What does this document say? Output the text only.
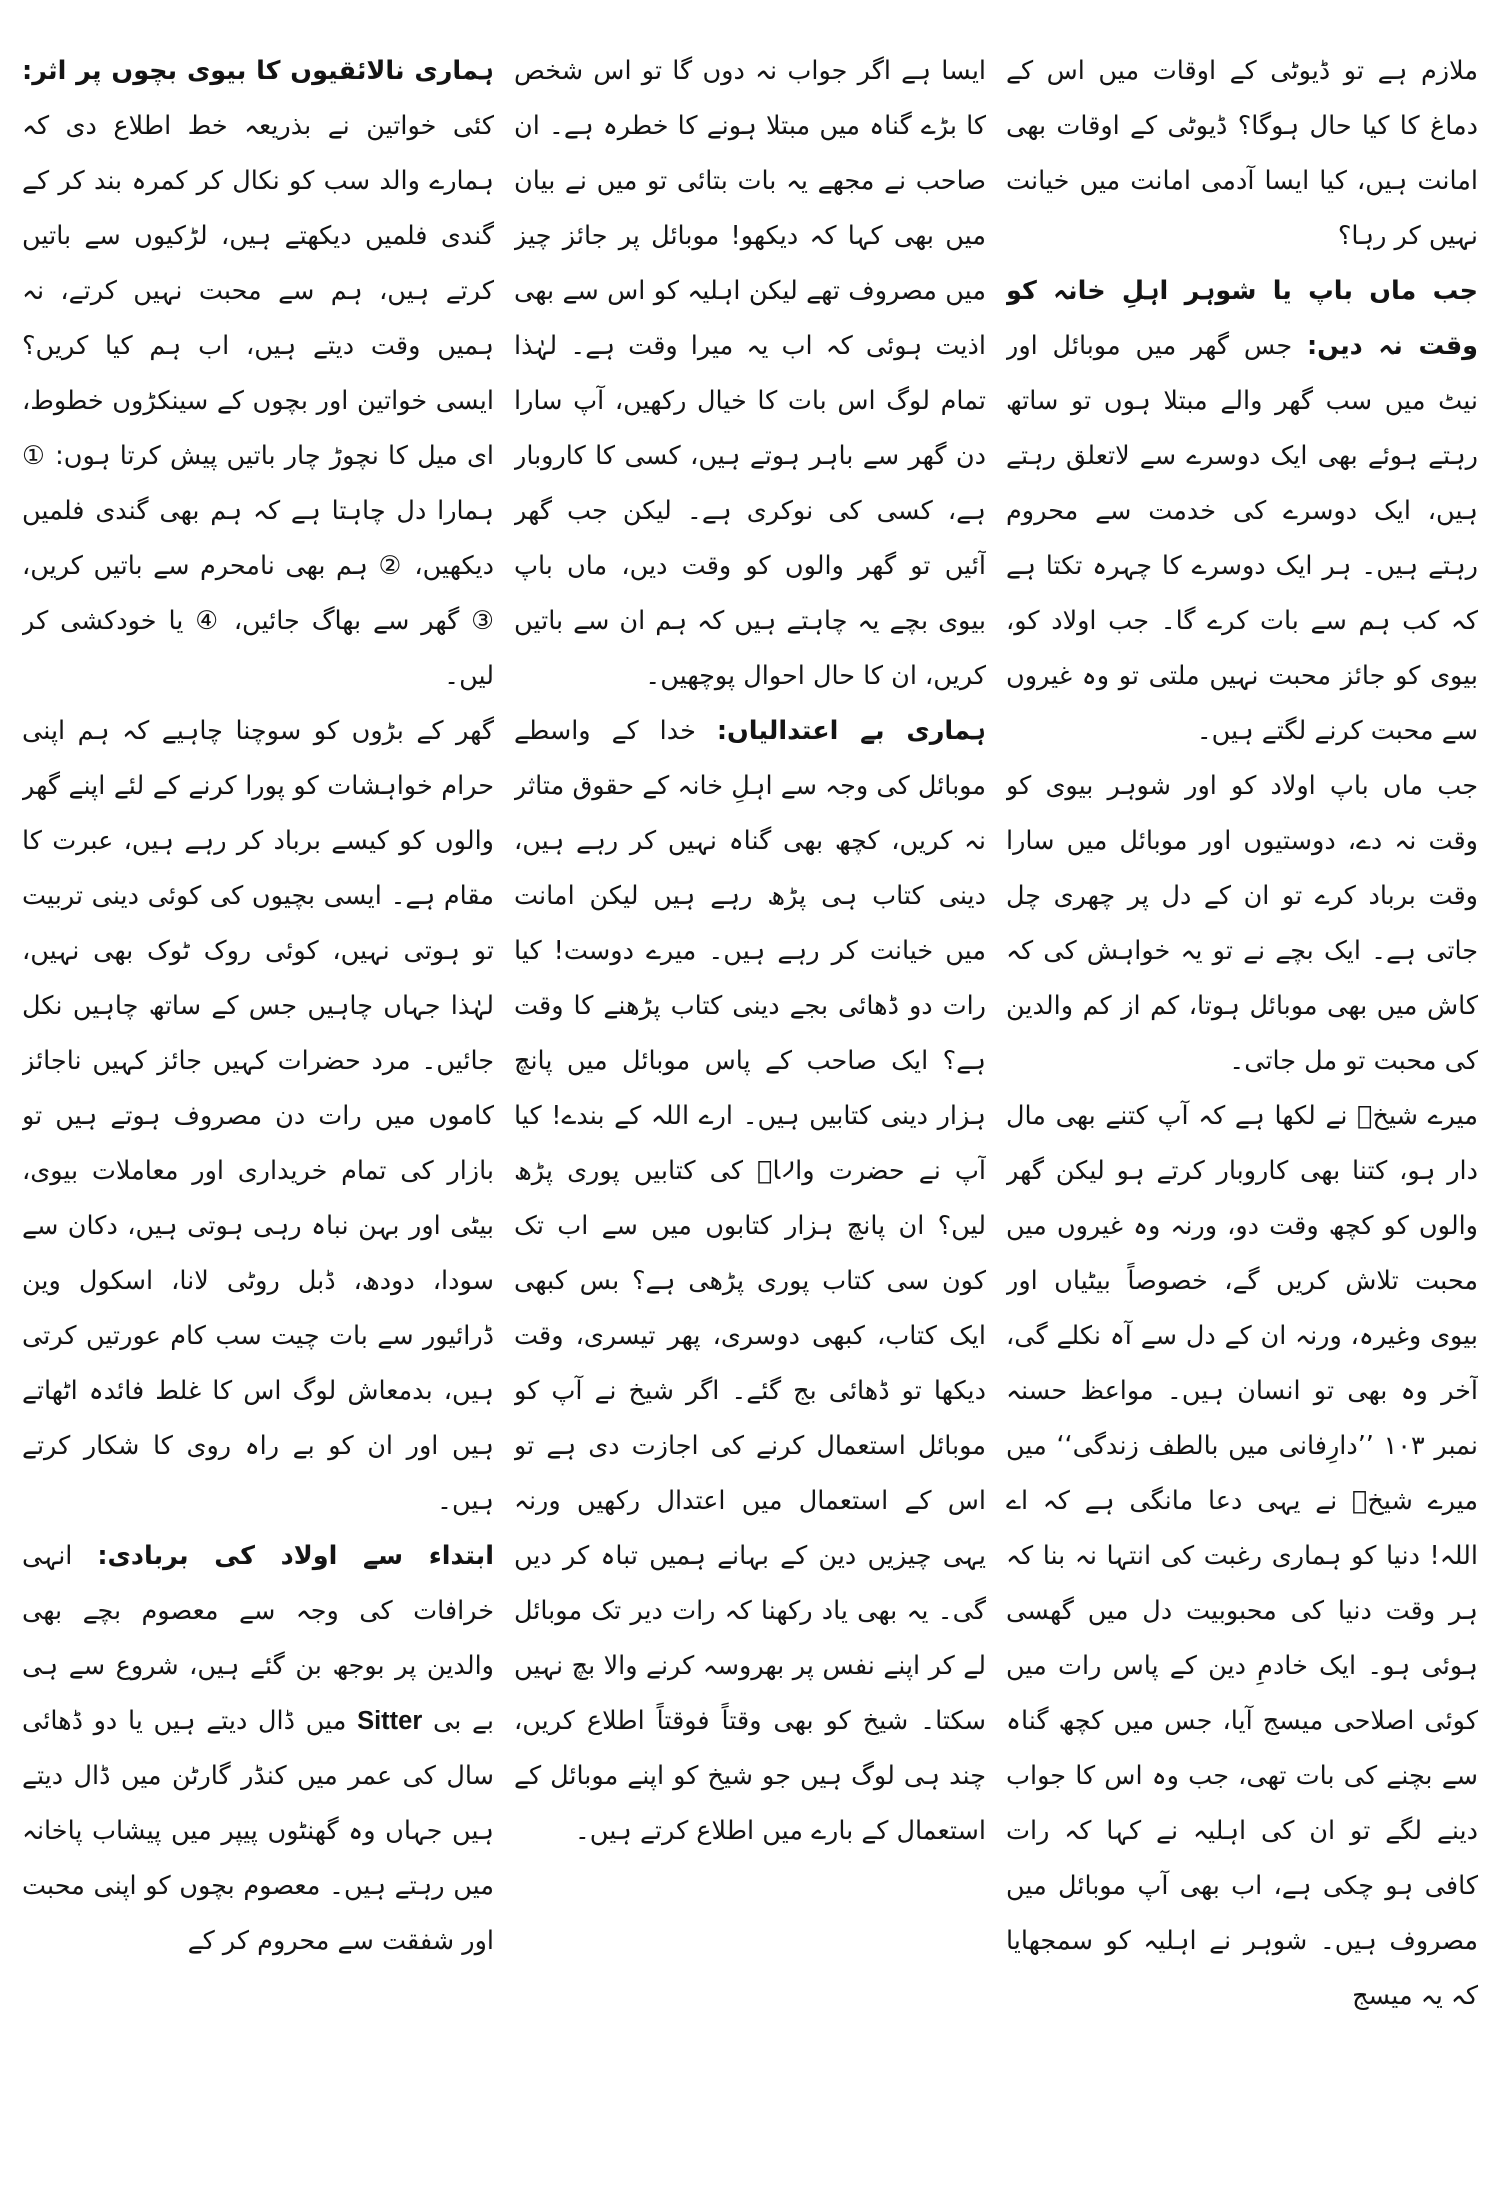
ملازم ہے تو ڈیوٹی کے اوقات میں اس کے دماغ کا کیا حال ہوگا؟ ڈیوٹی کے اوقات بھی امانت ہیں، کیا ایسا آدمی امانت میں خیانت نہیں کر رہا؟

جب ماں باپ یا شوہر اہلِ خانہ کو وقت نہ دیں: جس گھر میں موبائل اور نیٹ میں سب گھر والے مبتلا ہوں تو ساتھ رہتے ہوئے بھی ایک دوسرے سے لاتعلق رہتے ہیں، ایک دوسرے کی خدمت سے محروم رہتے ہیں۔ ہر ایک دوسرے کا چہرہ تکتا ہے کہ کب ہم سے بات کرے گا۔ جب اولاد کو، بیوی کو جائز محبت نہیں ملتی تو وہ غیروں سے محبت کرنے لگتے ہیں۔

جب ماں باپ اولاد کو اور شوہر بیوی کو وقت نہ دے، دوستیوں اور موبائل میں سارا وقت برباد کرے تو ان کے دل پر چھری چل جاتی ہے۔ ایک بچے نے تو یہ خواہش کی کہ کاش میں بھی موبائل ہوتا، کم از کم والدین کی محبت تو مل جاتی۔

میرے شیخؒ نے لکھا ہے کہ آپ کتنے بھی مال دار ہو، کتنا بھی کاروبار کرتے ہو لیکن گھر والوں کو کچھ وقت دو، ورنہ وہ غیروں میں محبت تلاش کریں گے، خصوصاً بیٹیاں اور بیوی وغیرہ، ورنہ ان کے دل سے آہ نکلے گی، آخر وہ بھی تو انسان ہیں۔ مواعظ حسنہ نمبر ۱۰۳ ’’دارِفانی میں بالطف زندگی‘‘ میں میرے شیخؒ نے یہی دعا مانگی ہے کہ اے اللہ! دنیا کو ہماری رغبت کی انتہا نہ بنا کہ ہر وقت دنیا کی محبوبیت دل میں گھسی ہوئی ہو۔ ایک خادمِ دین کے پاس رات میں کوئی اصلاحی میسج آیا، جس میں کچھ گناہ سے بچنے کی بات تھی، جب وہ اس کا جواب دینے لگے تو ان کی اہلیہ نے کہا کہ رات کافی ہو چکی ہے، اب بھی آپ موبائل میں مصروف ہیں۔ شوہر نے اہلیہ کو سمجھایا کہ یہ میسج

ایسا ہے اگر جواب نہ دوں گا تو اس شخص کا بڑے گناہ میں مبتلا ہونے کا خطرہ ہے۔ ان صاحب نے مجھے یہ بات بتائی تو میں نے بیان میں بھی کہا کہ دیکھو! موبائل پر جائز چیز میں مصروف تھے لیکن اہلیہ کو اس سے بھی اذیت ہوئی کہ اب یہ میرا وقت ہے۔ لہٰذا تمام لوگ اس بات کا خیال رکھیں، آپ سارا دن گھر سے باہر ہوتے ہیں، کسی کا کاروبار ہے، کسی کی نوکری ہے۔ لیکن جب گھر آئیں تو گھر والوں کو وقت دیں، ماں باپ بیوی بچے یہ چاہتے ہیں کہ ہم ان سے باتیں کریں، ان کا حال احوال پوچھیں۔

ہماری بے اعتدالیاں: خدا کے واسطے موبائل کی وجہ سے اہلِ خانہ کے حقوق متاثر نہ کریں، کچھ بھی گناہ نہیں کر رہے ہیں، دینی کتاب ہی پڑھ رہے ہیں لیکن امانت میں خیانت کر رہے ہیں۔ میرے دوست! کیا رات دو ڈھائی بجے دینی کتاب پڑھنے کا وقت ہے؟ ایک صاحب کے پاس موبائل میں پانچ ہزار دینی کتابیں ہیں۔ ارے اللہ کے بندے! کیا آپ نے حضرت والاؒ کی کتابیں پوری پڑھ لیں؟ ان پانچ ہزار کتابوں میں سے اب تک کون سی کتاب پوری پڑھی ہے؟ بس کبھی ایک کتاب، کبھی دوسری، پھر تیسری، وقت دیکھا تو ڈھائی بج گئے۔ اگر شیخ نے آپ کو موبائل استعمال کرنے کی اجازت دی ہے تو اس کے استعمال میں اعتدال رکھیں ورنہ یہی چیزیں دین کے بہانے ہمیں تباہ کر دیں گی۔ یہ بھی یاد رکھنا کہ رات دیر تک موبائل لے کر اپنے نفس پر بھروسہ کرنے والا بچ نہیں سکتا۔ شیخ کو بھی وقتاً فوقتاً اطلاع کریں، چند ہی لوگ ہیں جو شیخ کو اپنے موبائل کے استعمال کے بارے میں اطلاع کرتے ہیں۔

ہماری نالائقیوں کا بیوی بچوں پر اثر: کئی خواتین نے بذریعہ خط اطلاع دی کہ ہمارے والد سب کو نکال کر کمرہ بند کر کے گندی فلمیں دیکھتے ہیں، لڑکیوں سے باتیں کرتے ہیں، ہم سے محبت نہیں کرتے، نہ ہمیں وقت دیتے ہیں، اب ہم کیا کریں؟ ایسی خواتین اور بچوں کے سینکڑوں خطوط، ای میل کا نچوڑ چار باتیں پیش کرتا ہوں: ① ہمارا دل چاہتا ہے کہ ہم بھی گندی فلمیں دیکھیں، ② ہم بھی نامحرم سے باتیں کریں، ③ گھر سے بھاگ جائیں، ④ یا خودکشی کر لیں۔

گھر کے بڑوں کو سوچنا چاہیے کہ ہم اپنی حرام خواہشات کو پورا کرنے کے لئے اپنے گھر والوں کو کیسے برباد کر رہے ہیں، عبرت کا مقام ہے۔ ایسی بچیوں کی کوئی دینی تربیت تو ہوتی نہیں، کوئی روک ٹوک بھی نہیں، لہٰذا جہاں چاہیں جس کے ساتھ چاہیں نکل جائیں۔ مرد حضرات کہیں جائز کہیں ناجائز کاموں میں رات دن مصروف ہوتے ہیں تو بازار کی تمام خریداری اور معاملات بیوی، بیٹی اور بہن نباہ رہی ہوتی ہیں، دکان سے سودا، دودھ، ڈبل روٹی لانا، اسکول وین ڈرائیور سے بات چیت سب کام عورتیں کرتی ہیں، بدمعاش لوگ اس کا غلط فائدہ اٹھاتے ہیں اور ان کو بے راہ روی کا شکار کرتے ہیں۔

ابتداء سے اولاد کی بربادی: انہی خرافات کی وجہ سے معصوم بچے بھی والدین پر بوجھ بن گئے ہیں، شروع سے ہی بے بی Sitter میں ڈال دیتے ہیں یا دو ڈھائی سال کی عمر میں کنڈر گارٹن میں ڈال دیتے ہیں جہاں وہ گھنٹوں پیپر میں پیشاب پاخانہ میں رہتے ہیں۔ معصوم بچوں کو اپنی محبت اور شفقت سے محروم کر کے
